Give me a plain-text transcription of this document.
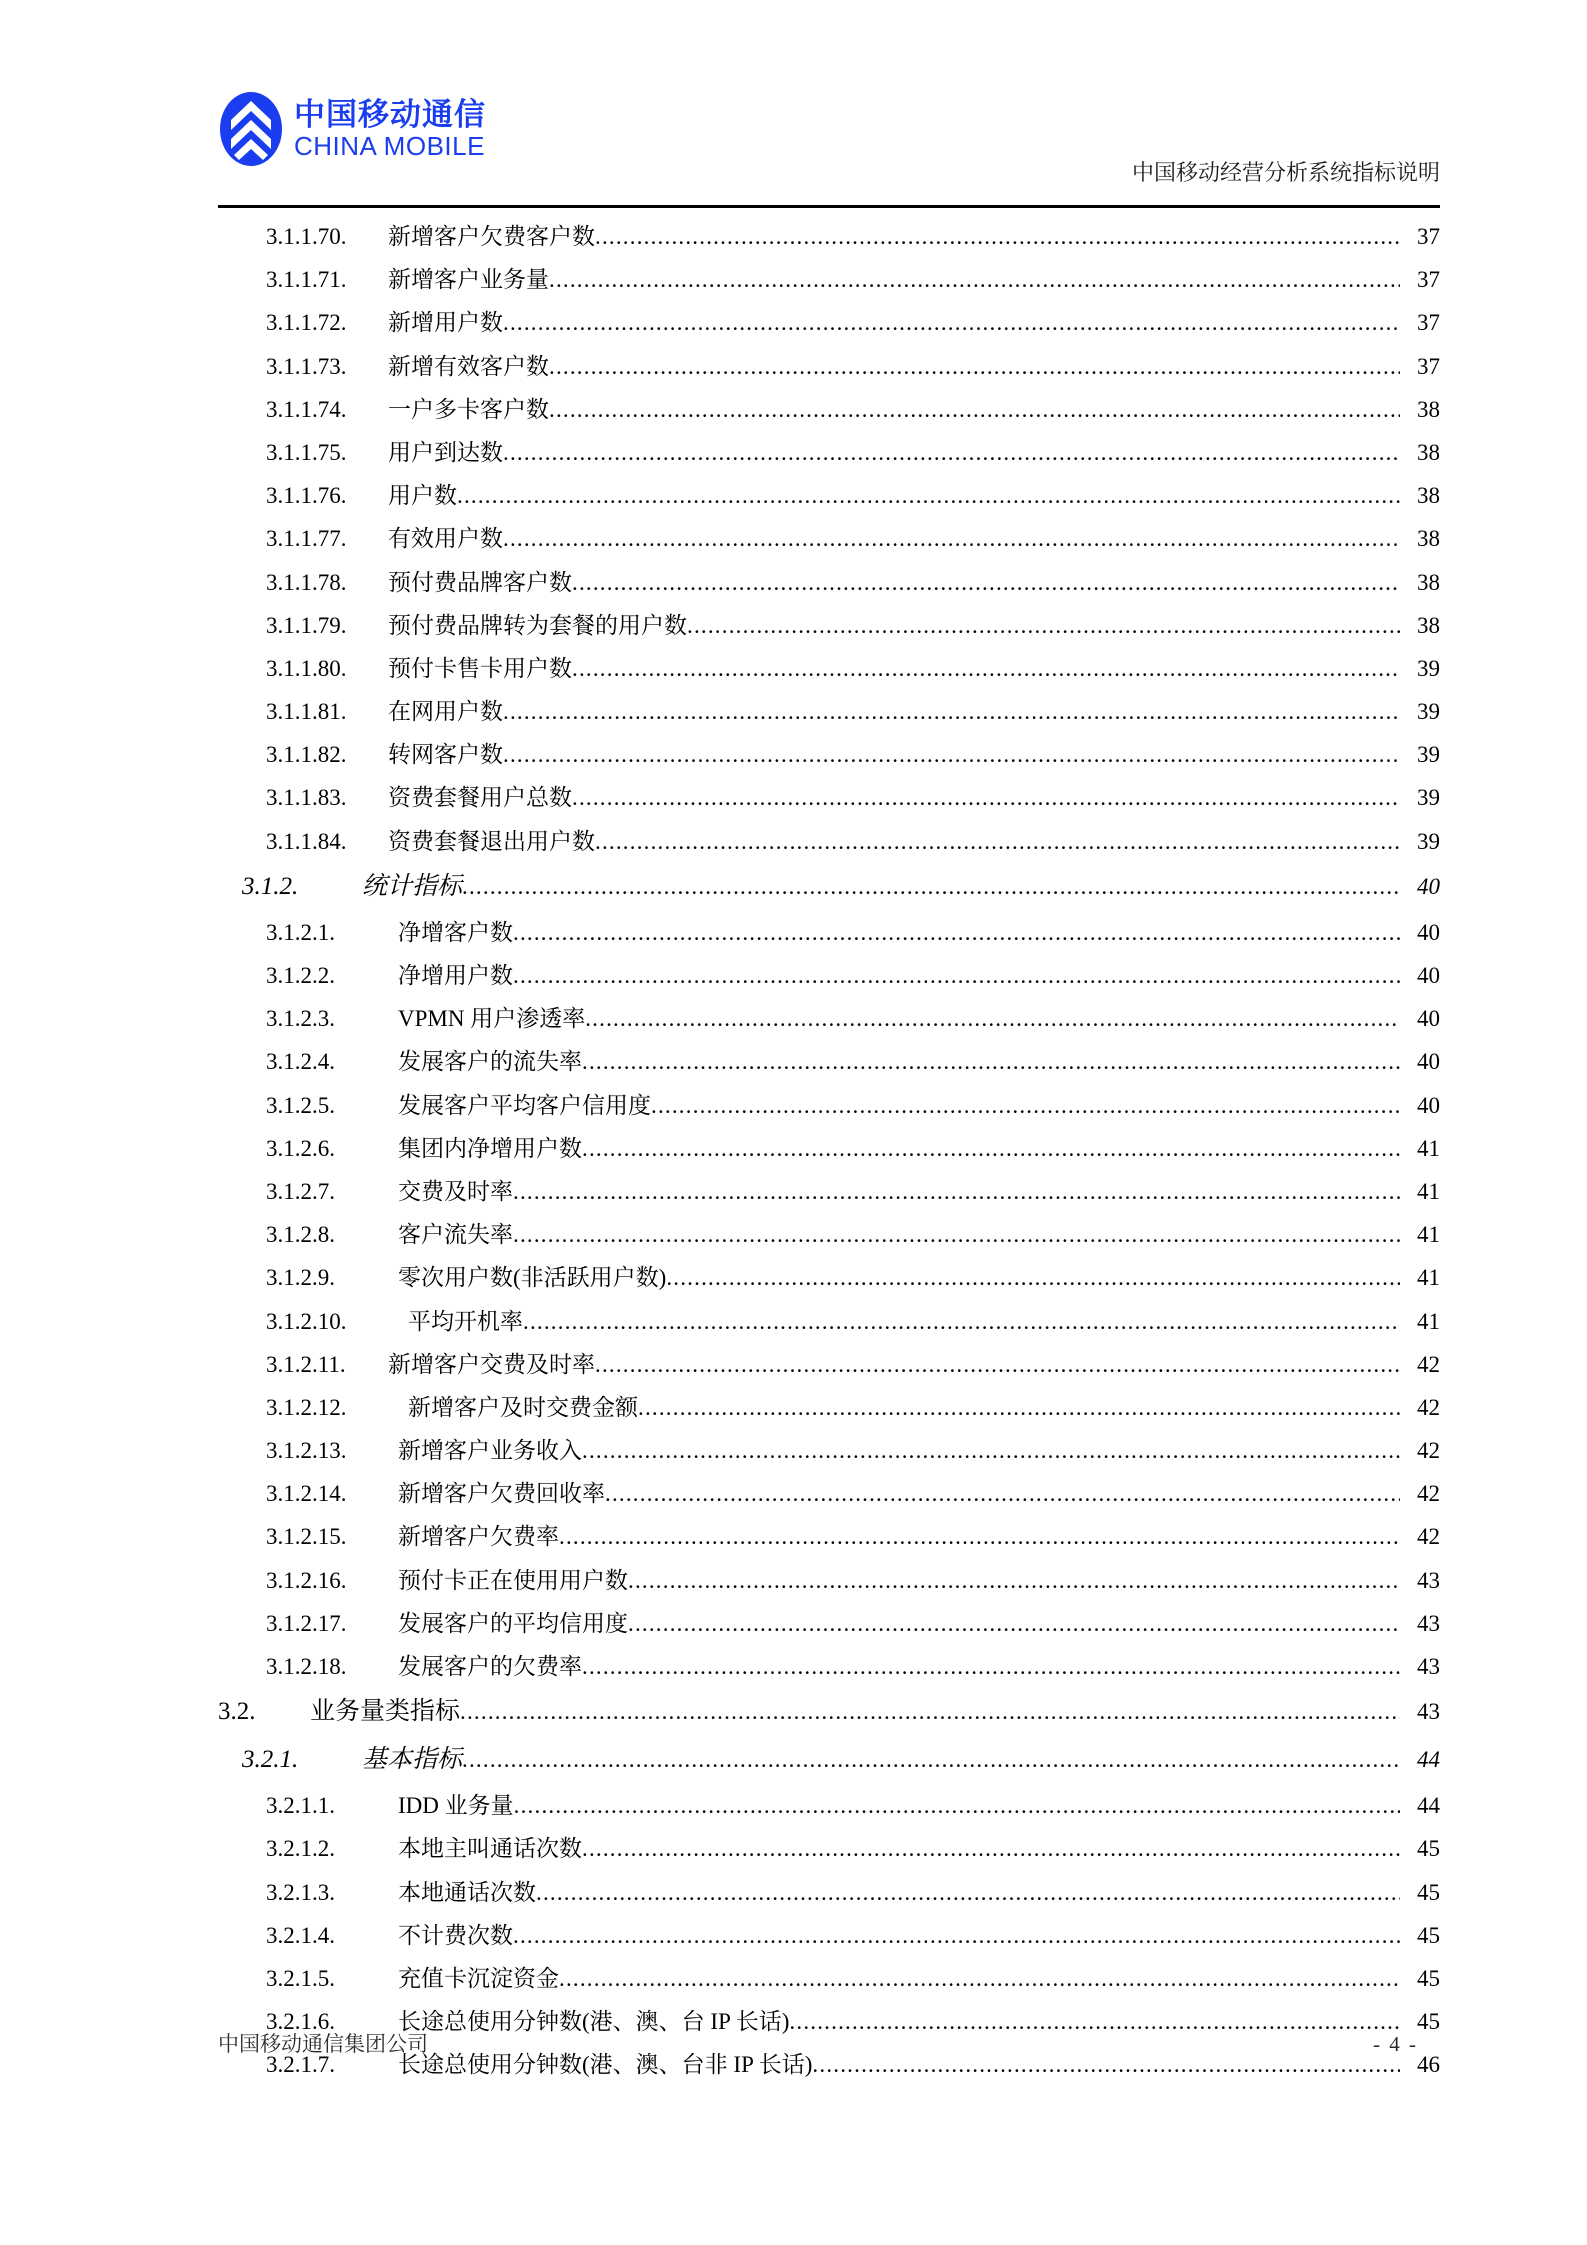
中国移动通信
CHINA MOBILE
中国移动经营分析系统指标说明
3.1.1.70.	新增客户欠费客户数 .....	37
3.1.1.71.	新增客户业务量 .....	37
3.1.1.72.	新增用户数 .....	37
3.1.1.73.	新增有效客户数 .....	37
3.1.1.74.	一户多卡客户数 .....	38
3.1.1.75.	用户到达数 .....	38
3.1.1.76.	用户数 .....	38
3.1.1.77.	有效用户数 .....	38
3.1.1.78.	预付费品牌客户数 .....	38
3.1.1.79.	预付费品牌转为套餐的用户数 .....	38
3.1.1.80.	预付卡售卡用户数 .....	39
3.1.1.81.	在网用户数 .....	39
3.1.1.82.	转网客户数 .....	39
3.1.1.83.	资费套餐用户总数 .....	39
3.1.1.84.	资费套餐退出用户数 .....	39
3.1.2.	统计指标 .....	40
3.1.2.1.	净增客户数 .....	40
3.1.2.2.	净增用户数 .....	40
3.1.2.3.	VPMN 用户渗透率 .....	40
3.1.2.4.	发展客户的流失率 .....	40
3.1.2.5.	发展客户平均客户信用度 .....	40
3.1.2.6.	集团内净增用户数 .....	41
3.1.2.7.	交费及时率 .....	41
3.1.2.8.	客户流失率 .....	41
3.1.2.9.	零次用户数(非活跃用户数) .....	41
3.1.2.10.	平均开机率 .....	41
3.1.2.11.	新增客户交费及时率 .....	42
3.1.2.12.	新增客户及时交费金额 .....	42
3.1.2.13.	新增客户业务收入 .....	42
3.1.2.14.	新增客户欠费回收率 .....	42
3.1.2.15.	新增客户欠费率 .....	42
3.1.2.16.	预付卡正在使用用户数 .....	43
3.1.2.17.	发展客户的平均信用度 .....	43
3.1.2.18.	发展客户的欠费率 .....	43
3.2.	业务量类指标 .....	43
3.2.1.	基本指标 .....	44
3.2.1.1.	IDD 业务量 .....	44
3.2.1.2.	本地主叫通话次数 .....	45
3.2.1.3.	本地通话次数 .....	45
3.2.1.4.	不计费次数 .....	45
3.2.1.5.	充值卡沉淀资金 .....	45
3.2.1.6.	长途总使用分钟数(港、澳、台 IP 长话) .....	45
3.2.1.7.	长途总使用分钟数(港、澳、台非 IP 长话) .....	46
中国移动通信集团公司	- 4 -
